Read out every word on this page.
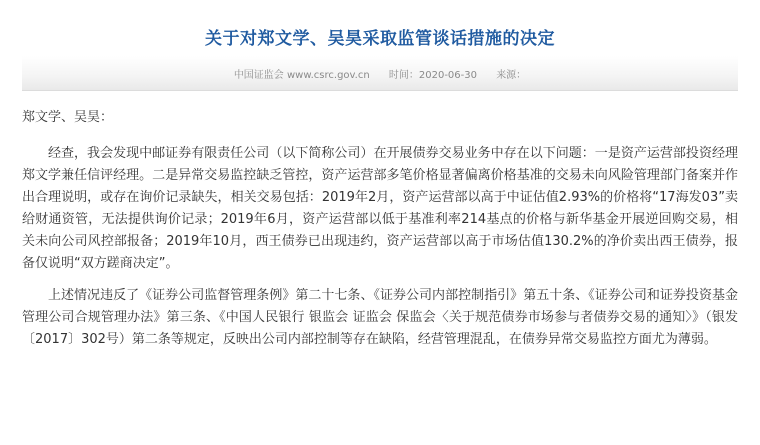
关于对郑文学、吴昊采取监管谈话措施的决定
中国证监会 www.csrc.gov.cn 时间：2020-06-30 来源：

郑文学、吴昊：

经查，我会发现中邮证券有限责任公司（以下简称公司）在开展债券交易业务中存在以下问题：一是资产运营部投资经理郑文学兼任信评经理。二是异常交易监控缺乏管控，资产运营部多笔价格显著偏离价格基准的交易未向风险管理部门备案并作出合理说明，或存在询价记录缺失，相关交易包括：2019年2月，资产运营部以高于中证估值2.93%的价格将“17海发03”卖给财通资管，无法提供询价记录；2019年6月，资产运营部以低于基准利率214基点的价格与新华基金开展逆回购交易，相关未向公司风控部报备；2019年10月，西王债券已出现违约，资产运营部以高于市场估值130.2%的净价卖出西王债券，报备仅说明“双方蹉商决定”。

上述情况违反了《证券公司监督管理条例》第二十七条、《证券公司内部控制指引》第五十条、《证券公司和证券投资基金管理公司合规管理办法》第三条、《中国人民银行 银监会 证监会 保监会〈关于规范债券市场参与者债券交易的通知〉》（银发〔2017〕302号）第二条等规定，反映出公司内部控制等存在缺陷，经营管理混乱，在债券异常交易监控方面尤为薄弱。
